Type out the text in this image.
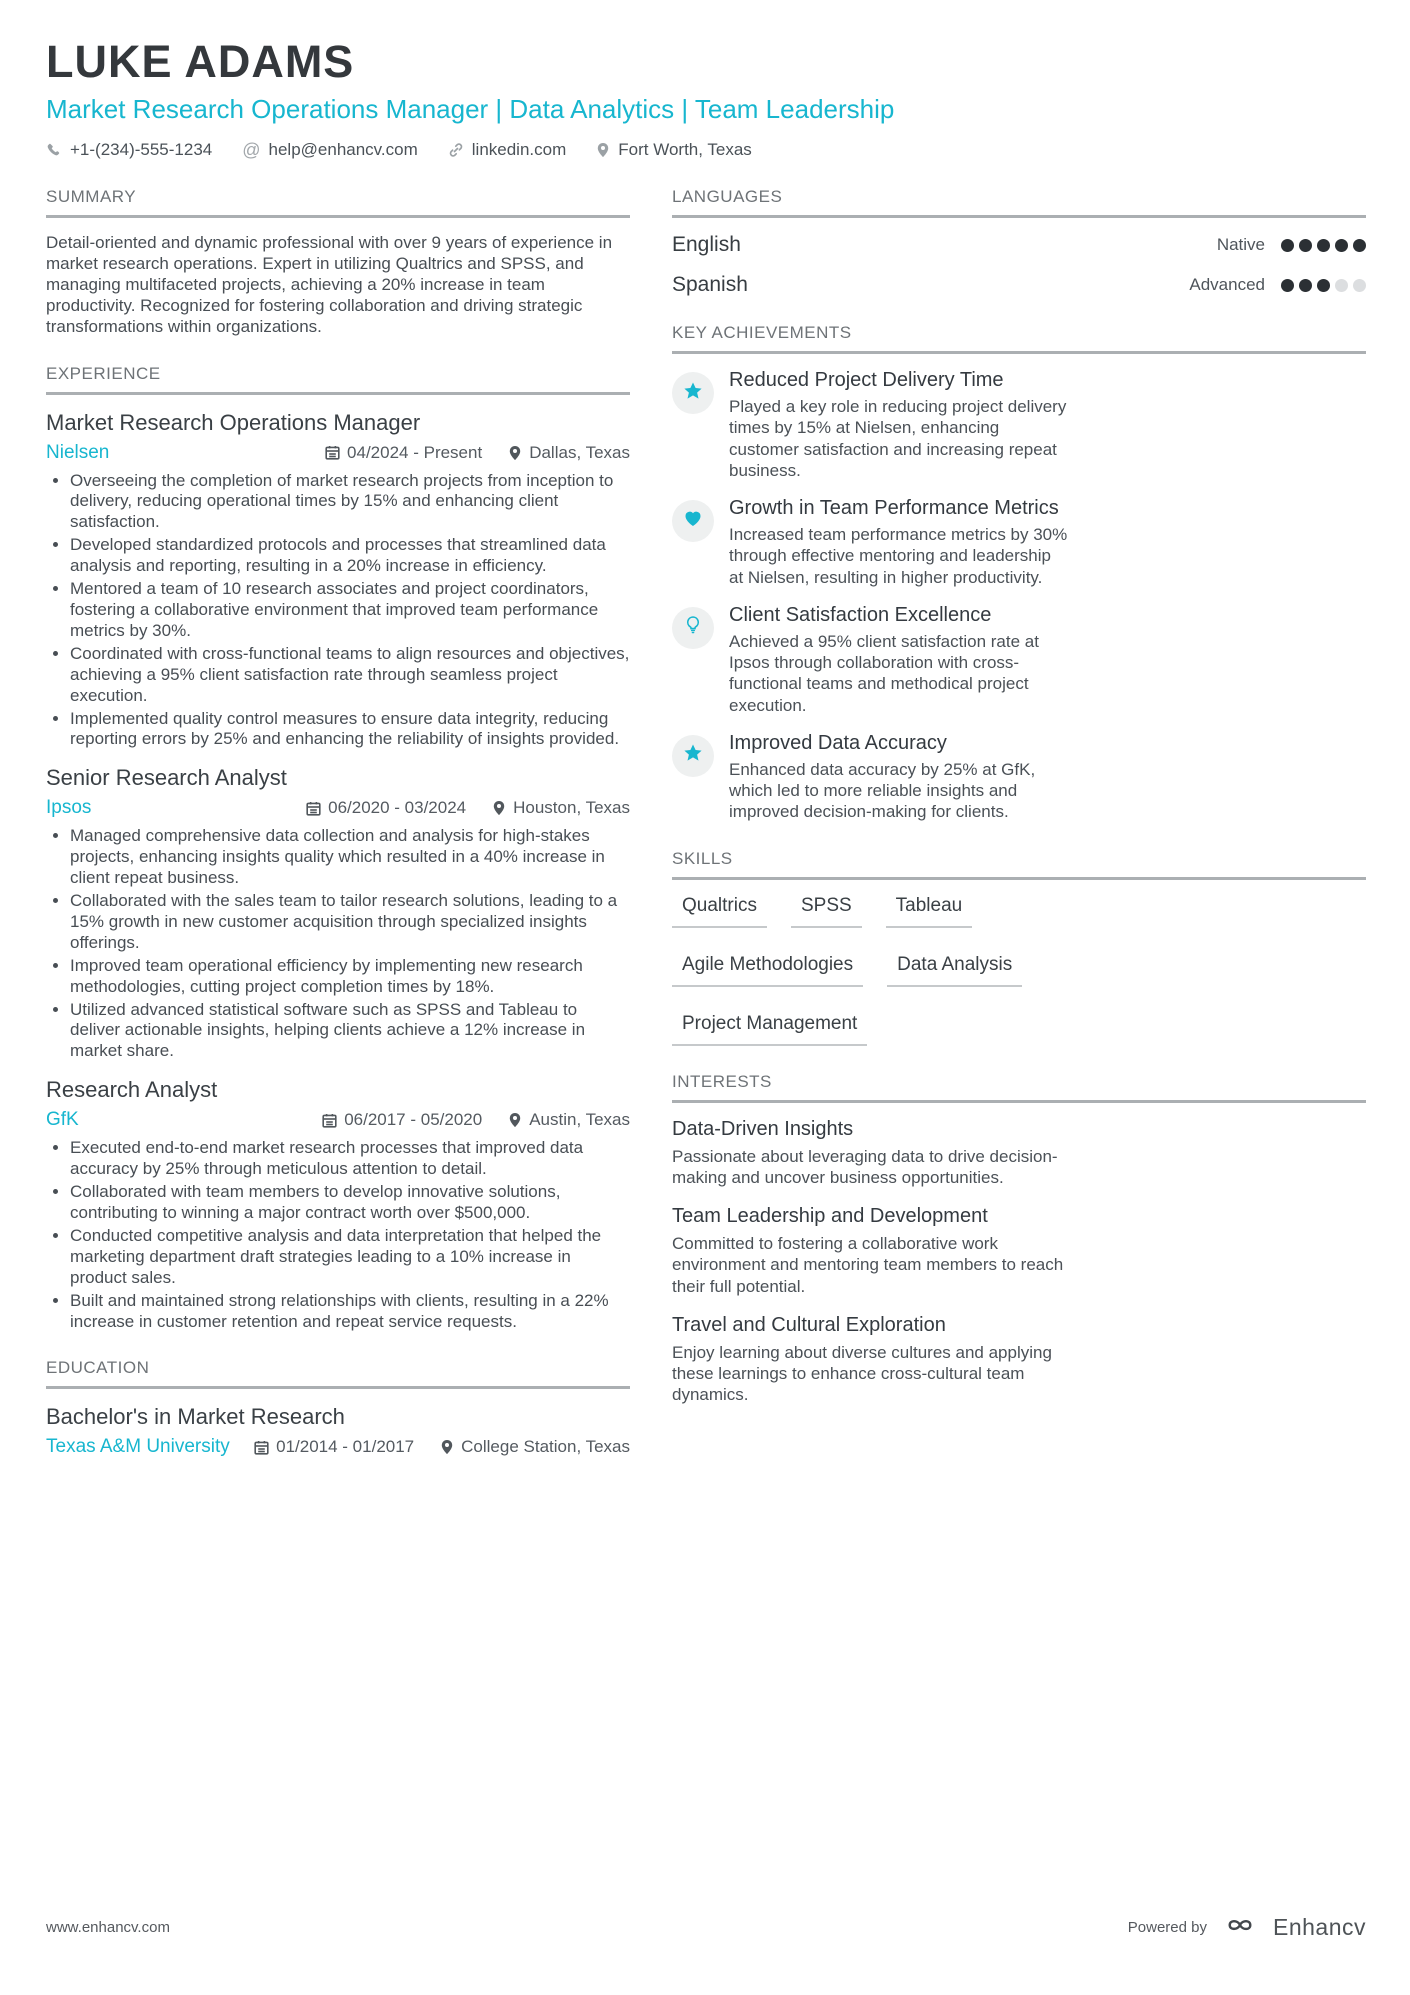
LUKE ADAMS
Market Research Operations Manager | Data Analytics | Team Leadership
+1-(234)-555-1234 @ help@enhancv.com	linkedin.com	Fort Worth, Texas
SUMMARY

Detail-oriented and dynamic professional with over 9 years of experience in market research operations. Expert in utilizing Qualtrics and SPSS, and managing multifaceted projects, achieving a 20% increase in team productivity. Recognized for fostering collaboration and driving strategic transformations within organizations.

EXPERIENCE
Market Research Operations Manager
Nielsen	04/2024 - Present	Dallas, Texas
• Overseeing the completion of market research projects from inception to delivery, reducing operational times by 15% and enhancing client satisfaction.
• Developed standardized protocols and processes that streamlined data analysis and reporting, resulting in a 20% increase in efficiency.
• Mentored a team of 10 research associates and project coordinators, fostering a collaborative environment that improved team performance metrics by 30%.
• Coordinated with cross-functional teams to align resources and objectives, achieving a 95% client satisfaction rate through seamless project execution.
• Implemented quality control measures to ensure data integrity, reducing reporting errors by 25% and enhancing the reliability of insights provided.
Senior Research Analyst
Ipsos	06/2020 - 03/2024	Houston, Texas
• Managed comprehensive data collection and analysis for high-stakes projects, enhancing insights quality which resulted in a 40% increase in client repeat business.
• Collaborated with the sales team to tailor research solutions, leading to a 15% growth in new customer acquisition through specialized insights offerings.
• Improved team operational efficiency by implementing new research methodologies, cutting project completion times by 18%.
• Utilized advanced statistical software such as SPSS and Tableau to deliver actionable insights, helping clients achieve a 12% increase in market share.
Research Analyst
GfK	06/2017 - 05/2020	Austin, Texas
• Executed end-to-end market research processes that improved data accuracy by 25% through meticulous attention to detail.
• Collaborated with team members to develop innovative solutions, contributing to winning a major contract worth over $500,000.
• Conducted competitive analysis and data interpretation that helped the marketing department draft strategies leading to a 10% increase in product sales.
• Built and maintained strong relationships with clients, resulting in a 22% increase in customer retention and repeat service requests.
EDUCATION
Bachelor's in Market Research
Texas A&M University	01/2014 - 01/2017	College Station, Texas
LANGUAGES
English	Native
Spanish	Advanced
KEY ACHIEVEMENTS
Reduced Project Delivery Time
Played a key role in reducing project delivery times by 15% at Nielsen, enhancing customer satisfaction and increasing repeat business.
Growth in Team Performance Metrics
Increased team performance metrics by 30% through effective mentoring and leadership at Nielsen, resulting in higher productivity.
Client Satisfaction Excellence
Achieved a 95% client satisfaction rate at Ipsos through collaboration with cross-functional teams and methodical project execution.
Improved Data Accuracy
Enhanced data accuracy by 25% at GfK, which led to more reliable insights and improved decision-making for clients.
SKILLS
Qualtrics	SPSS	Tableau
Agile Methodologies	Data Analysis
Project Management
INTERESTS
Data-Driven Insights
Passionate about leveraging data to drive decision-making and uncover business opportunities.
Team Leadership and Development
Committed to fostering a collaborative work environment and mentoring team members to reach their full potential.
Travel and Cultural Exploration
Enjoy learning about diverse cultures and applying these learnings to enhance cross-cultural team dynamics.
www.enhancv.com	Powered by	Enhancv
